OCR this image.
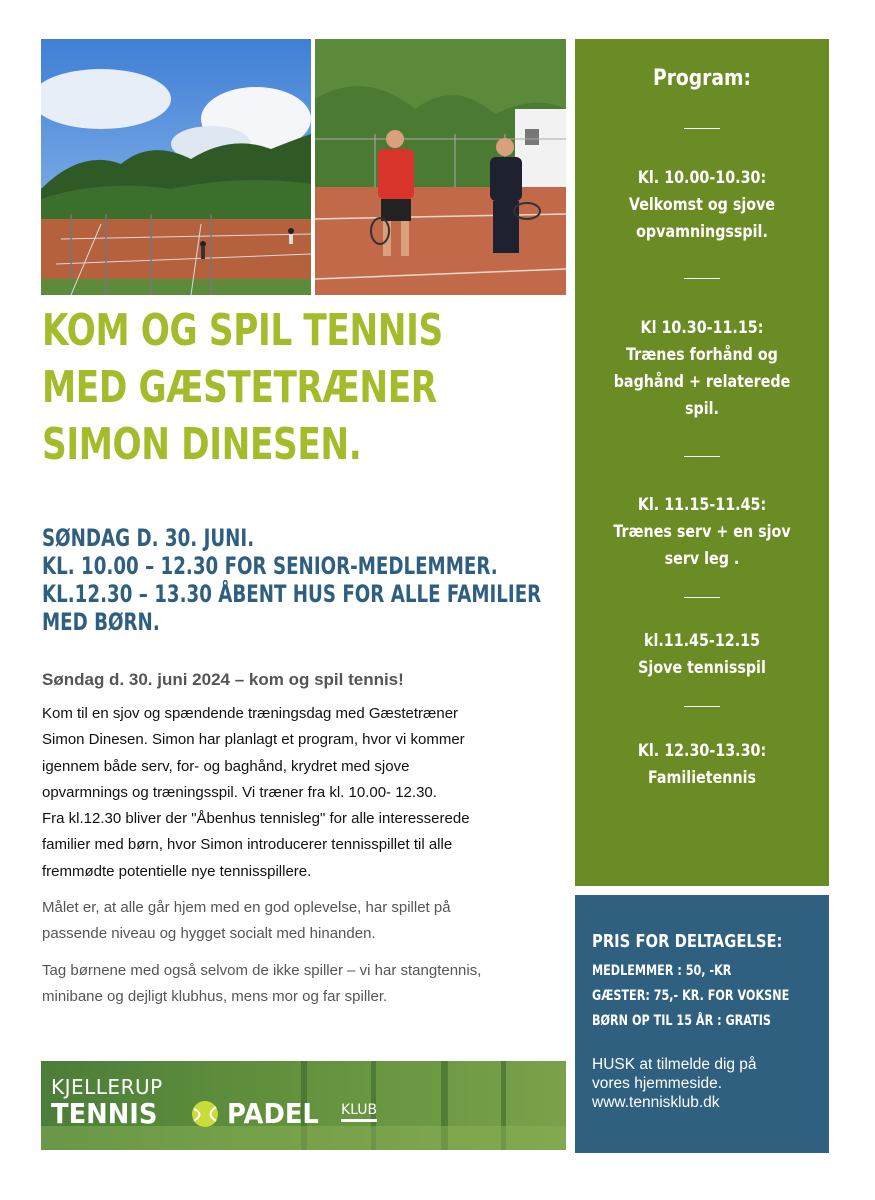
KOM OG SPIL TENNIS
MED GÆSTETRÆNER
SIMON DINESEN.
SØNDAG D. 30. JUNI.
KL. 10.00 – 12.30 FOR SENIOR-MEDLEMMER.
KL.12.30 – 13.30 ÅBENT HUS FOR ALLE FAMILIER
MED BØRN.
Søndag d. 30. juni 2024 – kom og spil tennis!
Kom til en sjov og spændende træningsdag med Gæstetræner
Simon Dinesen. Simon har planlagt et program, hvor vi kommer
igennem både serv, for- og baghånd, krydret med sjove
opvarmnings og træningsspil. Vi træner fra kl. 10.00- 12.30.
Fra kl.12.30 bliver der "Åbenhus tennisleg" for alle interesserede
familier med børn, hvor Simon introducerer tennisspillet til alle
fremmødte potentielle nye tennisspillere.
Målet er, at alle går hjem med en god oplevelse, har spillet på
passende niveau og hygget socialt med hinanden.
Tag børnene med også selvom de ikke spiller – vi har stangtennis,
minibane og dejligt klubhus, mens mor og far spiller.
KJELLERUP
TENNIS PADEL KLUB
Program:
Kl. 10.00-10.30:
Velkomst og sjove
opvamningsspil.
Kl 10.30-11.15:
Trænes forhånd og
baghånd + relaterede
spil.
Kl. 11.15-11.45:
Trænes serv + en sjov
serv leg .
kl.11.45-12.15
Sjove tennisspil
Kl. 12.30-13.30:
Familietennis
PRIS FOR DELTAGELSE:
MEDLEMMER : 50, -KR
GÆSTER: 75,- KR. FOR VOKSNE
BØRN OP TIL 15 ÅR : GRATIS
HUSK at tilmelde dig på
vores hjemmeside.
www.tennisklub.dk
